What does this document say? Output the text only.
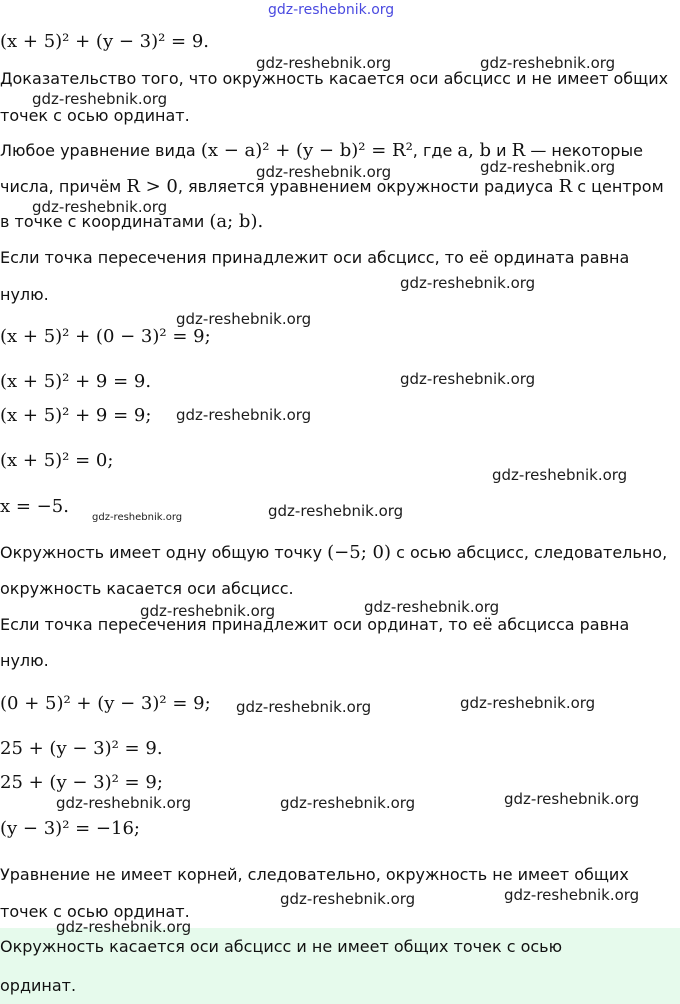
(x + 5)² + (y − 3)² = 9.
Доказательство того, что окружность касается оси абсцисс и не имеет общих
точек с осью ординат.
Любое уравнение вида (x − a)² + (y − b)² = R², где a, b и R — некоторые
числа, причём R > 0, является уравнением окружности радиуса R с центром
в точке с координатами (a; b).
Если точка пересечения принадлежит оси абсцисс, то её ордината равна
нулю.
(x + 5)² + (0 − 3)² = 9;
(x + 5)² + 9 = 9.
(x + 5)² + 9 = 9;
(x + 5)² = 0;
x = −5.
Окружность имеет одну общую точку (−5; 0) с осью абсцисс, следовательно,
окружность касается оси абсцисс.
Если точка пересечения принадлежит оси ординат, то её абсцисса равна
нулю.
(0 + 5)² + (y − 3)² = 9;
25 + (y − 3)² = 9.
25 + (y − 3)² = 9;
(y − 3)² = −16;
Уравнение не имеет корней, следовательно, окружность не имеет общих
точек с осью ординат.
Окружность касается оси абсцисс и не имеет общих точек с осью
ординат.
gdz-reshebnik.org
gdz-reshebnik.org	gdz-reshebnik.org
gdz-reshebnik.org
gdz-reshebnik.org	gdz-reshebnik.org
gdz-reshebnik.org
gdz-reshebnik.org
gdz-reshebnik.org
gdz-reshebnik.org
gdz-reshebnik.org
gdz-reshebnik.org
gdz-reshebnik.org	gdz-reshebnik.org
gdz-reshebnik.org	gdz-reshebnik.org
gdz-reshebnik.org	gdz-reshebnik.org
gdz-reshebnik.org	gdz-reshebnik.org	gdz-reshebnik.org
gdz-reshebnik.org	gdz-reshebnik.org
gdz-reshebnik.org
